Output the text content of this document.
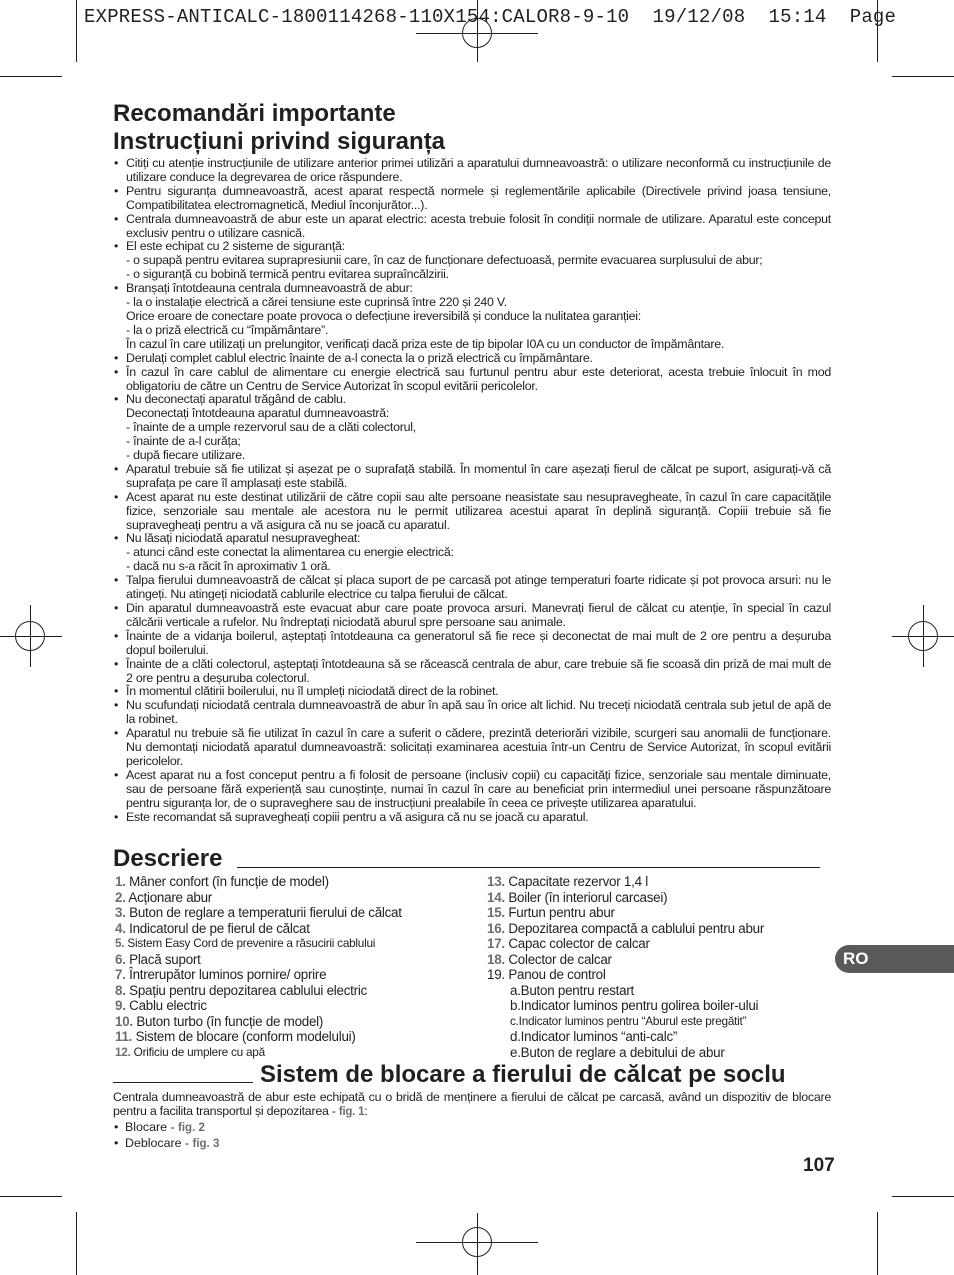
EXPRESS-ANTICALC-1800114268-110X154:CALOR8-9-10  19/12/08  15:14  Page
Recomandări importante
Instrucțiuni privind siguranța
• Citiți cu atenție instrucțiunile de utilizare anterior primei utilizări a aparatului dumneavoastră: o utilizare neconformă cu instrucțiunile de utilizare conduce la degrevarea de orice răspundere.
• Pentru siguranța dumneavoastră, acest aparat respectă normele și reglementările aplicabile (Directivele privind joasa tensiune, Compatibilitatea electromagnetică, Mediul înconjurător...).
• Centrala dumneavoastră de abur este un aparat electric: acesta trebuie folosit în condiții normale de utilizare. Aparatul este conceput exclusiv pentru o utilizare casnică.
• El este echipat cu 2 sisteme de siguranță:
- o supapă pentru evitarea suprapresiunii care, în caz de funcționare defectuoasă, permite evacuarea surplusului de abur;
- o siguranță cu bobină termică pentru evitarea supraîncălzirii.
• Branșați întotdeauna centrala dumneavoastră de abur:
- la o instalație electrică a cărei tensiune este cuprinsă între 220 și 240 V.
Orice eroare de conectare poate provoca o defecțiune ireversibilă și conduce la nulitatea garanției:
- la o priză electrică cu “împământare”.
În cazul în care utilizați un prelungitor, verificați dacă priza este de tip bipolar I0A cu un conductor de împământare.
• Derulați complet cablul electric înainte de a-l conecta la o priză electrică cu împământare.
• În cazul în care cablul de alimentare cu energie electrică sau furtunul pentru abur este deteriorat, acesta trebuie înlocuit în mod obligatoriu de către un Centru de Service Autorizat în scopul evitării pericolelor.
• Nu deconectați aparatul trăgând de cablu.
Deconectați întotdeauna aparatul dumneavoastră:
- înainte de a umple rezervorul sau de a clăti colectorul,
- înainte de a-l curăța;
- după fiecare utilizare.
• Aparatul trebuie să fie utilizat și așezat pe o suprafață stabilă. În momentul în care așezați fierul de călcat pe suport, asigurați-vă că suprafața pe care îl amplasați este stabilă.
• Acest aparat nu este destinat utilizării de către copii sau alte persoane neasistate sau nesupravegheate, în cazul în care capacitățile fizice, senzoriale sau mentale ale acestora nu le permit utilizarea acestui aparat în deplină siguranță. Copiii trebuie să fie supravegheați pentru a vă asigura că nu se joacă cu aparatul.
• Nu lăsați niciodată aparatul nesupravegheat:
- atunci când este conectat la alimentarea cu energie electrică:
- dacă nu s-a răcit în aproximativ 1 oră.
• Talpa fierului dumneavoastră de călcat și placa suport de pe carcasă pot atinge temperaturi foarte ridicate și pot provoca arsuri: nu le atingeți. Nu atingeți niciodată cablurile electrice cu talpa fierului de călcat.
• Din aparatul dumneavoastră este evacuat abur care poate provoca arsuri. Manevrați fierul de călcat cu atenție, în special în cazul călcării verticale a rufelor. Nu îndreptați niciodată aburul spre persoane sau animale.
• Înainte de a vidanja boilerul, așteptați întotdeauna ca generatorul să fie rece și deconectat de mai mult de 2 ore pentru a deșuruba dopul boilerului.
• Înainte de a clăti colectorul, așteptați întotdeauna să se răcească centrala de abur, care trebuie să fie scoasă din priză de mai mult de 2 ore pentru a deșuruba colectorul.
• În momentul clătirii boilerului, nu îl umpleți niciodată direct de la robinet.
• Nu scufundați niciodată centrala dumneavoastră de abur în apă sau în orice alt lichid. Nu treceți niciodată centrala sub jetul de apă de la robinet.
• Aparatul nu trebuie să fie utilizat în cazul în care a suferit o cădere, prezintă deteriorări vizibile, scurgeri sau anomalii de funcționare. Nu demontați niciodată aparatul dumneavoastră: solicitați examinarea acestuia într-un Centru de Service Autorizat, în scopul evitării pericolelor.
• Acest aparat nu a fost conceput pentru a fi folosit de persoane (inclusiv copii) cu capacități fizice, senzoriale sau mentale diminuate, sau de persoane fără experiență sau cunoștințe, numai în cazul în care au beneficiat prin intermediul unei persoane răspunzătoare pentru siguranța lor, de o supraveghere sau de instrucțiuni prealabile în ceea ce privește utilizarea aparatului.
• Este recomandat să supravegheați copiii pentru a vă asigura că nu se joacă cu aparatul.
Descriere
1. Mâner confort (în funcție de model)
2. Acționare abur
3. Buton de reglare a temperaturii fierului de călcat
4. Indicatorul de pe fierul de călcat
5. Sistem Easy Cord de prevenire a răsucirii cablului
6. Placă suport
7. Întrerupător luminos pornire/ oprire
8. Spațiu pentru depozitarea cablului electric
9. Cablu electric
10. Buton turbo (în funcție de model)
11. Sistem de blocare (conform modelului)
12. Orificiu de umplere cu apă
13. Capacitate rezervor 1,4 l
14. Boiler (în interiorul carcasei)
15. Furtun pentru abur
16. Depozitarea compactă a cablului pentru abur
17. Capac colector de calcar
18. Colector de calcar
19. Panou de control
a.Buton pentru restart
b.Indicator luminos pentru golirea boiler-ului
c.Indicator luminos pentru “Aburul este pregătit”
d.Indicator luminos “anti-calc”
e.Buton de reglare a debitului de abur
RO
Sistem de blocare a fierului de călcat pe soclu

Centrala dumneavoastră de abur este echipată cu o bridă de menținere a fierului de călcat pe carcasă, având un dispozitiv de blocare pentru a facilita transportul și depozitarea - fig. 1:

• Blocare - fig. 2
• Deblocare - fig. 3
107
